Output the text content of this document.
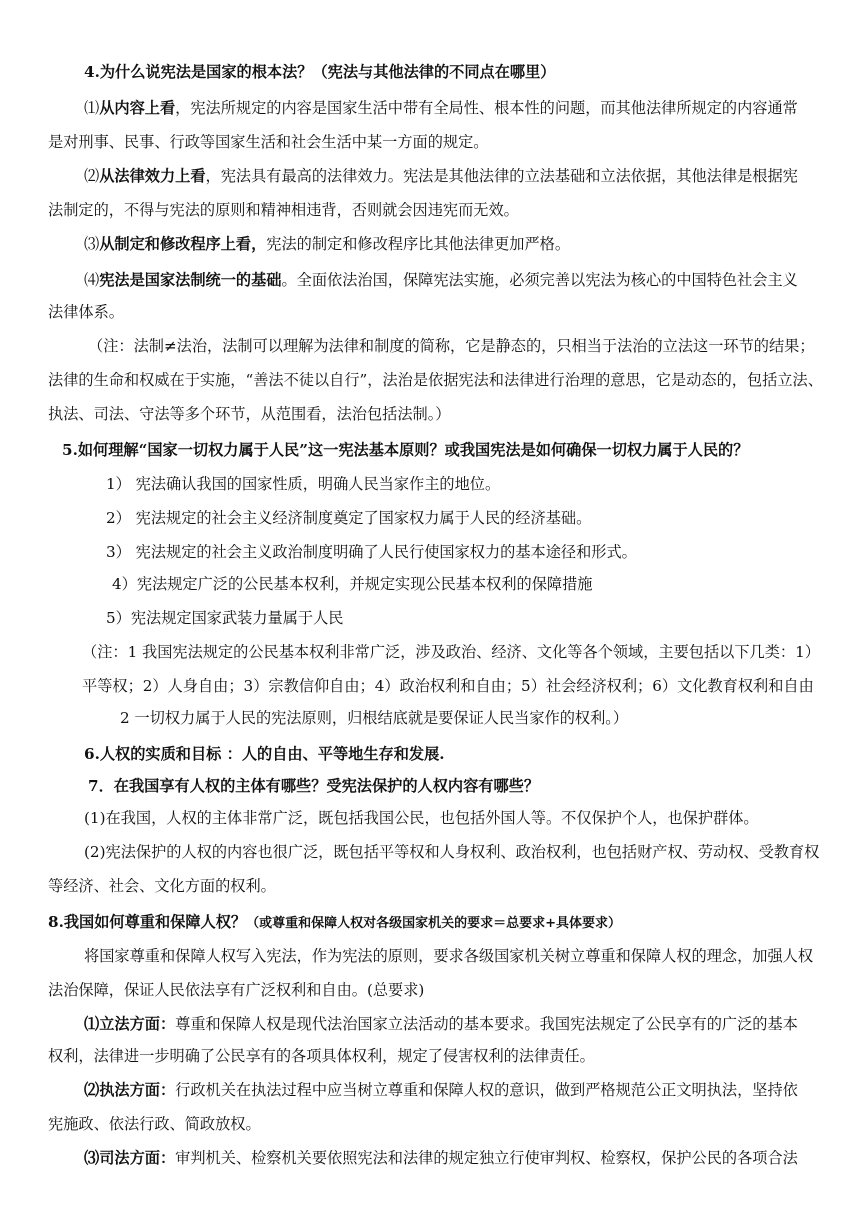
4.为什么说宪法是国家的根本法？（宪法与其他法律的不同点在哪里）
⑴从内容上看，宪法所规定的内容是国家生活中带有全局性、根本性的问题，而其他法律所规定的内容通常
是对刑事、民事、行政等国家生活和社会生活中某一方面的规定。
⑵从法律效力上看，宪法具有最高的法律效力。宪法是其他法律的立法基础和立法依据，其他法律是根据宪
法制定的，不得与宪法的原则和精神相违背，否则就会因违宪而无效。
⑶从制定和修改程序上看，宪法的制定和修改程序比其他法律更加严格。
⑷宪法是国家法制统一的基础。全面依法治国，保障宪法实施，必须完善以宪法为核心的中国特色社会主义
法律体系。
（注：法制≠法治，法制可以理解为法律和制度的简称，它是静态的，只相当于法治的立法这一环节的结果；
法律的生命和权威在于实施，“善法不徒以自行”，法治是依据宪法和法律进行治理的意思，它是动态的，包括立法、
执法、司法、守法等多个环节，从范围看，法治包括法制。）
5.如何理解“国家一切权力属于人民”这一宪法基本原则？或我国宪法是如何确保一切权力属于人民的？
1） 宪法确认我国的国家性质，明确人民当家作主的地位。
2） 宪法规定的社会主义经济制度奠定了国家权力属于人民的经济基础。
3） 宪法规定的社会主义政治制度明确了人民行使国家权力的基本途径和形式。
4）宪法规定广泛的公民基本权利，并规定实现公民基本权利的保障措施
5）宪法规定国家武装力量属于人民
（注：1 我国宪法规定的公民基本权利非常广泛，涉及政治、经济、文化等各个领域，主要包括以下几类：1）
平等权；2）人身自由；3）宗教信仰自由；4）政治权利和自由；5）社会经济权利；6）文化教育权利和自由
2 一切权力属于人民的宪法原则，归根结底就是要保证人民当家作的权利。）
6.人权的实质和目标 ：人的自由、平等地生存和发展.
7．在我国享有人权的主体有哪些？受宪法保护的人权内容有哪些？
(1)在我国，人权的主体非常广泛，既包括我国公民，也包括外国人等。不仅保护个人，也保护群体。
(2)宪法保护的人权的内容也很广泛，既包括平等权和人身权利、政治权利，也包括财产权、劳动权、受教育权
等经济、社会、文化方面的权利。
8.我国如何尊重和保障人权？（或尊重和保障人权对各级国家机关的要求＝总要求+具体要求）
将国家尊重和保障人权写入宪法，作为宪法的原则，要求各级国家机关树立尊重和保障人权的理念，加强人权
法治保障，保证人民依法享有广泛权利和自由。(总要求)
⑴立法方面：尊重和保障人权是现代法治国家立法活动的基本要求。我国宪法规定了公民享有的广泛的基本
权利，法律进一步明确了公民享有的各项具体权利，规定了侵害权利的法律责任。
⑵执法方面：行政机关在执法过程中应当树立尊重和保障人权的意识，做到严格规范公正文明执法，坚持依
宪施政、依法行政、简政放权。
⑶司法方面：审判机关、检察机关要依照宪法和法律的规定独立行使审判权、检察权，保护公民的各项合法
